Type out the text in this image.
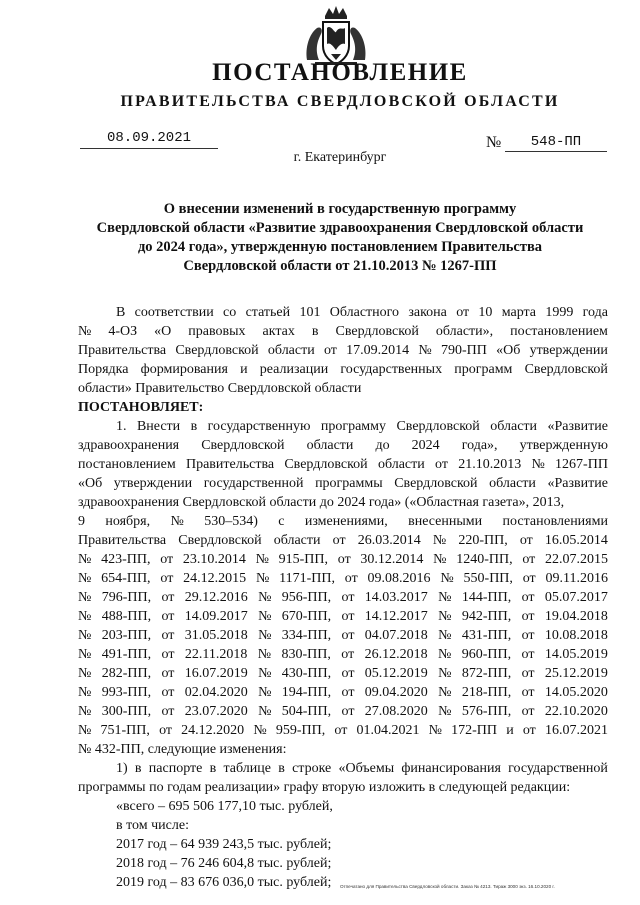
ПОСТАНОВЛЕНИЕ
ПРАВИТЕЛЬСТВА СВЕРДЛОВСКОЙ ОБЛАСТИ
08.09.2021	№	548-ПП
г. Екатеринбург
О внесении изменений в государственную программу
Свердловской области «Развитие здравоохранения Свердловской области
до 2024 года», утвержденную постановлением Правительства
Свердловской области от 21.10.2013 № 1267-ПП
В соответствии со статьей 101 Областного закона от 10 марта 1999 года
№ 4-ОЗ «О правовых актах в Свердловской области», постановлением
Правительства Свердловской области от 17.09.2014 № 790-ПП «Об утверждении
Порядка формирования и реализации государственных программ Свердловской
области» Правительство Свердловской области
ПОСТАНОВЛЯЕТ:
1. Внести в государственную программу Свердловской области «Развитие
здравоохранения Свердловской области до 2024 года», утвержденную
постановлением Правительства Свердловской области от 21.10.2013 № 1267-ПП
«Об утверждении государственной программы Свердловской области «Развитие
здравоохранения Свердловской области до 2024 года» («Областная газета», 2013,
9 ноября, № 530–534) с изменениями, внесенными постановлениями
Правительства Свердловской области от 26.03.2014 № 220-ПП, от 16.05.2014
№ 423-ПП, от 23.10.2014 № 915-ПП, от 30.12.2014 № 1240-ПП, от 22.07.2015
№ 654-ПП, от 24.12.2015 № 1171-ПП, от 09.08.2016 № 550-ПП, от 09.11.2016
№ 796-ПП, от 29.12.2016 № 956-ПП, от 14.03.2017 № 144-ПП, от 05.07.2017
№ 488-ПП, от 14.09.2017 № 670-ПП, от 14.12.2017 № 942-ПП, от 19.04.2018
№ 203-ПП, от 31.05.2018 № 334-ПП, от 04.07.2018 № 431-ПП, от 10.08.2018
№ 491-ПП, от 22.11.2018 № 830-ПП, от 26.12.2018 № 960-ПП, от 14.05.2019
№ 282-ПП, от 16.07.2019 № 430-ПП, от 05.12.2019 № 872-ПП, от 25.12.2019
№ 993-ПП, от 02.04.2020 № 194-ПП, от 09.04.2020 № 218-ПП, от 14.05.2020
№ 300-ПП, от 23.07.2020 № 504-ПП, от 27.08.2020 № 576-ПП, от 22.10.2020
№ 751-ПП, от 24.12.2020 № 959-ПП, от 01.04.2021 № 172-ПП и от 16.07.2021
№ 432-ПП, следующие изменения:
1) в паспорте в таблице в строке «Объемы финансирования государственной
программы по годам реализации» графу вторую изложить в следующей редакции:
«всего – 695 506 177,10 тыс. рублей,
в том числе:
2017 год – 64 939 243,5 тыс. рублей;
2018 год – 76 246 604,8 тыс. рублей;
2019 год – 83 676 036,0 тыс. рублей;	Отпечатано для Правительства Свердловской области. Заказ № 4213. Тираж 3000 экз. 16.10.2020 г.
